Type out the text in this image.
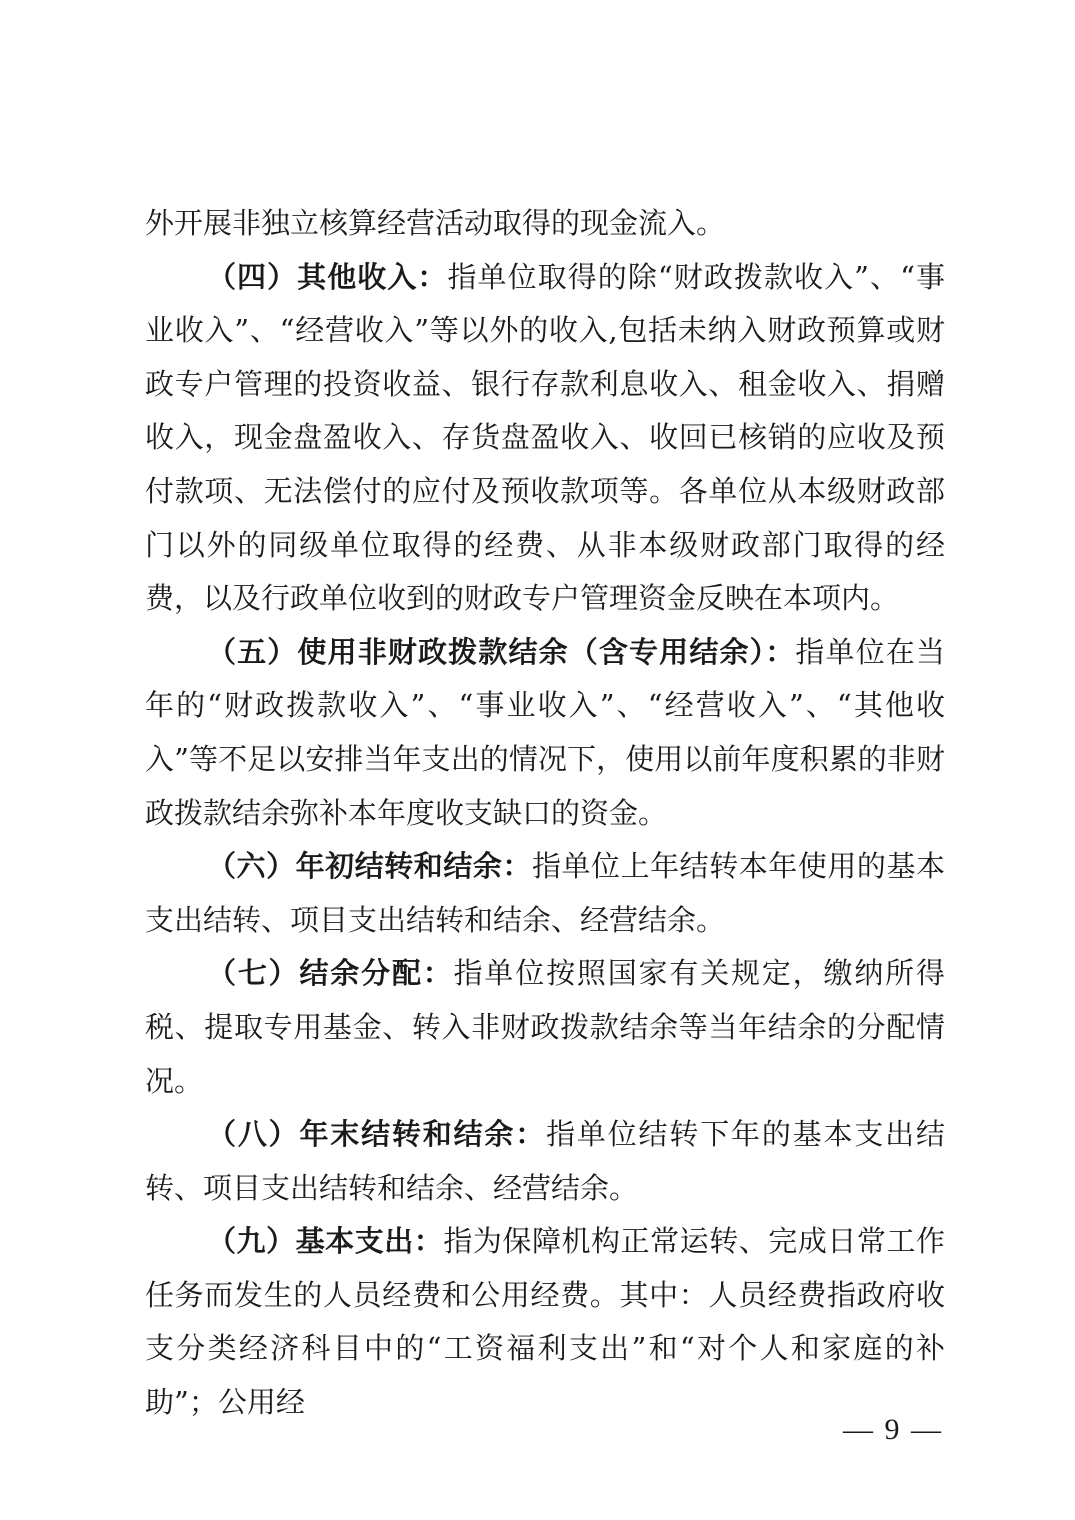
外开展非独立核算经营活动取得的现金流入。

（四）其他收入：指单位取得的除“财政拨款收入”、“事业收入”、“经营收入”等以外的收入,包括未纳入财政预算或财政专户管理的投资收益、银行存款利息收入、租金收入、捐赠收入，现金盘盈收入、存货盘盈收入、收回已核销的应收及预付款项、无法偿付的应付及预收款项等。各单位从本级财政部门以外的同级单位取得的经费、从非本级财政部门取得的经费，以及行政单位收到的财政专户管理资金反映在本项内。

（五）使用非财政拨款结余（含专用结余）：指单位在当年的“财政拨款收入”、“事业收入”、“经营收入”、“其他收入”等不足以安排当年支出的情况下，使用以前年度积累的非财政拨款结余弥补本年度收支缺口的资金。

（六）年初结转和结余：指单位上年结转本年使用的基本支出结转、项目支出结转和结余、经营结余。

（七）结余分配：指单位按照国家有关规定，缴纳所得税、提取专用基金、转入非财政拨款结余等当年结余的分配情况。

（八）年末结转和结余：指单位结转下年的基本支出结转、项目支出结转和结余、经营结余。

（九）基本支出：指为保障机构正常运转、完成日常工作任务而发生的人员经费和公用经费。其中：人员经费指政府收支分类经济科目中的“工资福利支出”和“对个人和家庭的补助”；公用经

— 9 —
